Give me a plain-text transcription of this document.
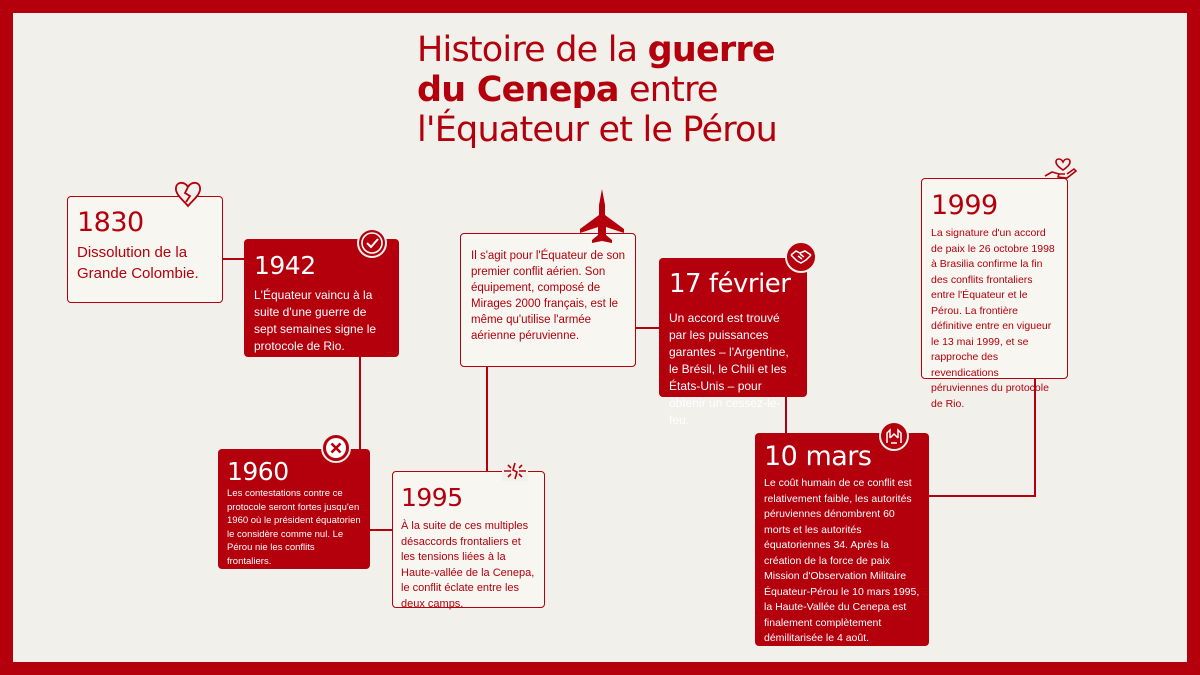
Histoire de la guerre
du Cenepa entre
l'Équateur et le Pérou
1830
Dissolution de la Grande Colombie.	1942
L'Équateur vaincu à la suite d'une guerre de sept semaines signe le protocole de Rio.
1960
Les contestations contre ce protocole seront fortes jusqu'en 1960 où le président équatorien le considère comme nul. Le Pérou nie les conflits frontaliers.
1995
À la suite de ces multiples désaccords frontaliers et les tensions liées à la Haute-vallée de la Cenepa, le conflit éclate entre les deux camps.
Il s'agit pour l'Équateur de son premier conflit aérien. Son équipement, composé de Mirages 2000 français, est le même qu'utilise l'armée aérienne péruvienne.
17 février
Un accord est trouvé par les puissances garantes – l'Argentine, le Brésil, le Chili et les États-Unis – pour obtenir un cessez-le-feu.
10 mars
Le coût humain de ce conflit est relativement faible, les autorités péruviennes dénombrent 60 morts et les autorités équatoriennes 34. Après la création de la force de paix Mission d'Observation Militaire Équateur-Pérou le 10 mars 1995, la Haute-Vallée du Cenepa est finalement complètement démilitarisée le 4 août.
1999
La signature d'un accord de paix le 26 octobre 1998 à Brasilia confirme la fin des conflits frontaliers entre l'Équateur et le Pérou. La frontière définitive entre en vigueur le 13 mai 1999, et se rapproche des revendications péruviennes du protocole de Rio.
